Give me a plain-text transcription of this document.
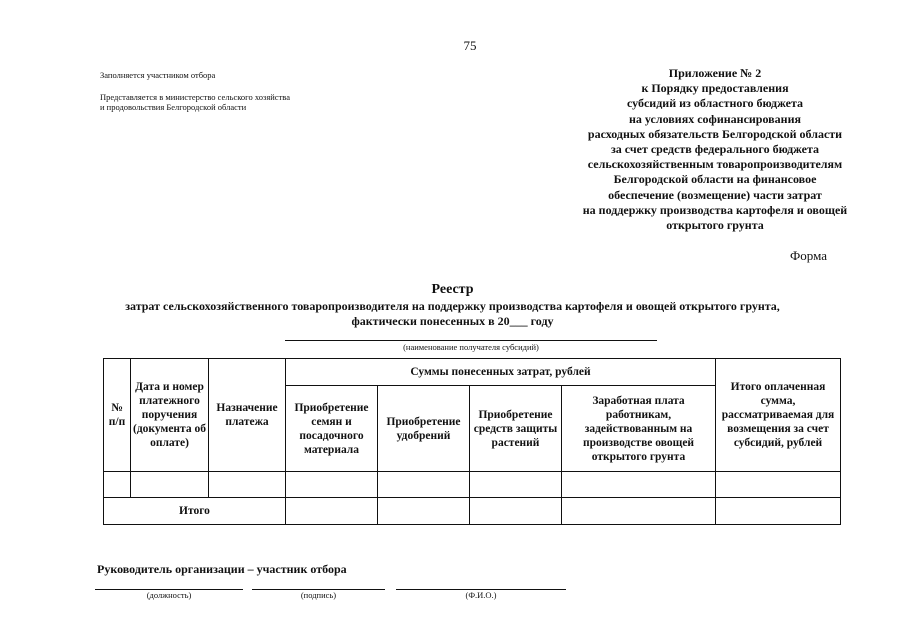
75
Заполняется участником отбора
Представляется в министерство сельского хозяйства
и продовольствия Белгородской области
Приложение № 2
к Порядку предоставления
субсидий из областного бюджета
на условиях софинансирования
расходных обязательств Белгородской области
за счет средств федерального бюджета
сельскохозяйственным товаропроизводителям
Белгородской области на финансовое
обеспечение (возмещение) части затрат
на поддержку производства картофеля и овощей
открытого грунта
Форма
Реестр
затрат сельскохозяйственного товаропроизводителя на поддержку производства картофеля и овощей открытого грунта,
фактически понесенных в 20___ году
(наименование получателя субсидий)
№ п/п	Дата и номер платежного поручения (документа об оплате)	Назначение платежа	Суммы понесенных затрат, рублей				Итого оплаченная сумма, рассматриваемая для возмещения за счет субсидий, рублей
			Приобретение семян и посадочного материала	Приобретение удобрений	Приобретение средств защиты растений	Заработная плата работникам, задействованным на производстве овощей открытого грунта	

Итого							
Руководитель организации – участник отбора
(должность)	(подпись)	(Ф.И.О.)
